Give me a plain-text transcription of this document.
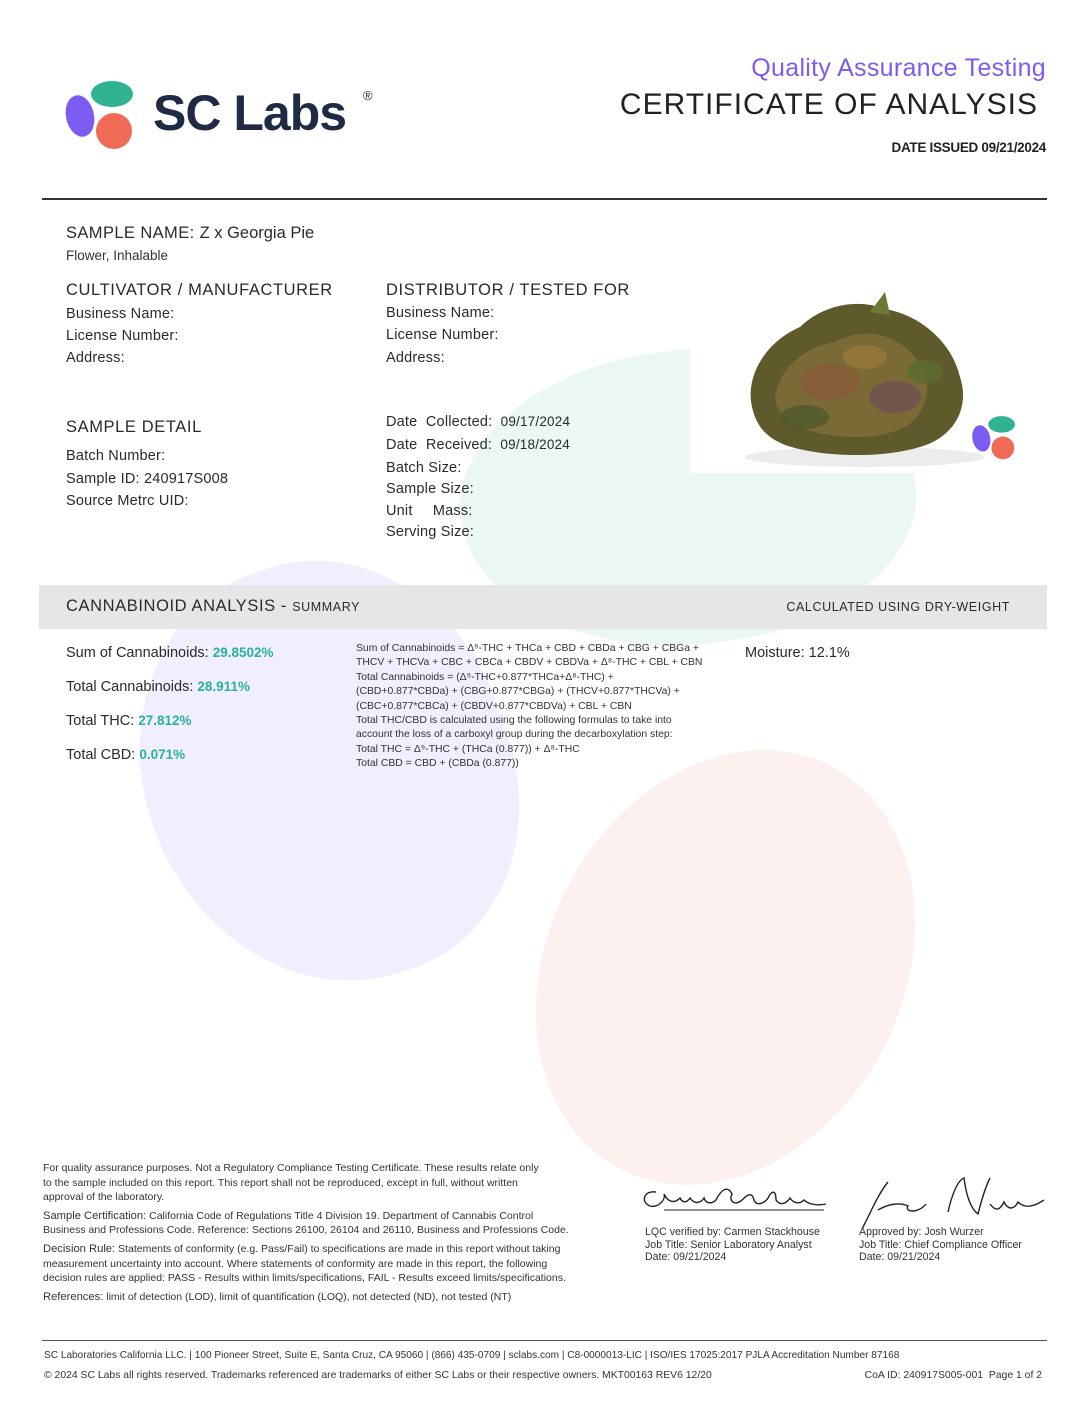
SC Labs ®
Quality Assurance Testing
CERTIFICATE OF ANALYSIS
DATE ISSUED 09/21/2024
SAMPLE NAME: Z x Georgia Pie
Flower, Inhalable
CULTIVATOR / MANUFACTURER
Business Name:
License Number:
Address:
DISTRIBUTOR / TESTED FOR
Business Name:
License Number:
Address:
SAMPLE DETAIL
Batch Number:
Sample ID: 240917S008
Source Metrc UID:
Date  Collected: 09/17/2024
Date  Received: 09/18/2024
Batch Size:
Sample Size:
Unit Mass:
Serving Size:
CANNABINOID ANALYSIS - SUMMARY	CALCULATED USING DRY-WEIGHT
Sum of Cannabinoids: 29.8502%
Total Cannabinoids: 28.911%
Total THC: 27.812%
Total CBD: 0.071%
Sum of Cannabinoids = Δ⁹-THC + THCa + CBD + CBDa + CBG + CBGa +
THCV + THCVa + CBC + CBCa + CBDV + CBDVa + Δ⁸-THC + CBL + CBN
Total Cannabinoids = (Δ⁹-THC+0.877*THCa+Δ⁸-THC) +
(CBD+0.877*CBDa) + (CBG+0.877*CBGa) + (THCV+0.877*THCVa) +
(CBC+0.877*CBCa) + (CBDV+0.877*CBDVa) + CBL + CBN
Total THC/CBD is calculated using the following formulas to take into
account the loss of a carboxyl group during the decarboxylation step:
Total THC = Δ⁹-THC + (THCa (0.877)) + Δ⁸-THC
Total CBD = CBD + (CBDa (0.877))
Moisture: 12.1%
For quality assurance purposes. Not a Regulatory Compliance Testing Certificate. These results relate only
to the sample included on this report. This report shall not be reproduced, except in full, without written
approval of the laboratory.
Sample Certification: California Code of Regulations Title 4 Division 19. Department of Cannabis Control
Business and Professions Code. Reference: Sections 26100, 26104 and 26110, Business and Professions Code.
Decision Rule: Statements of conformity (e.g. Pass/Fail) to specifications are made in this report without taking
measurement uncertainty into account. Where statements of conformity are made in this report, the following
decision rules are applied: PASS - Results within limits/specifications, FAIL - Results exceed limits/specifications.
References: limit of detection (LOD), limit of quantification (LOQ), not detected (ND), not tested (NT)
LQC verified by: Carmen Stackhouse
Job Title: Senior Laboratory Analyst
Date: 09/21/2024
Approved by: Josh Wurzer
Job Title: Chief Compliance Officer
Date: 09/21/2024
SC Laboratories California LLC. | 100 Pioneer Street, Suite E, Santa Cruz, CA 95060 | (866) 435-0709 | sclabs.com | C8-0000013-LIC | ISO/IES 17025:2017 PJLA Accreditation Number 87168
© 2024 SC Labs all rights reserved. Trademarks referenced are trademarks of either SC Labs or their respective owners. MKT00163 REV6 12/20	CoA ID: 240917S005-001  Page 1 of 2
